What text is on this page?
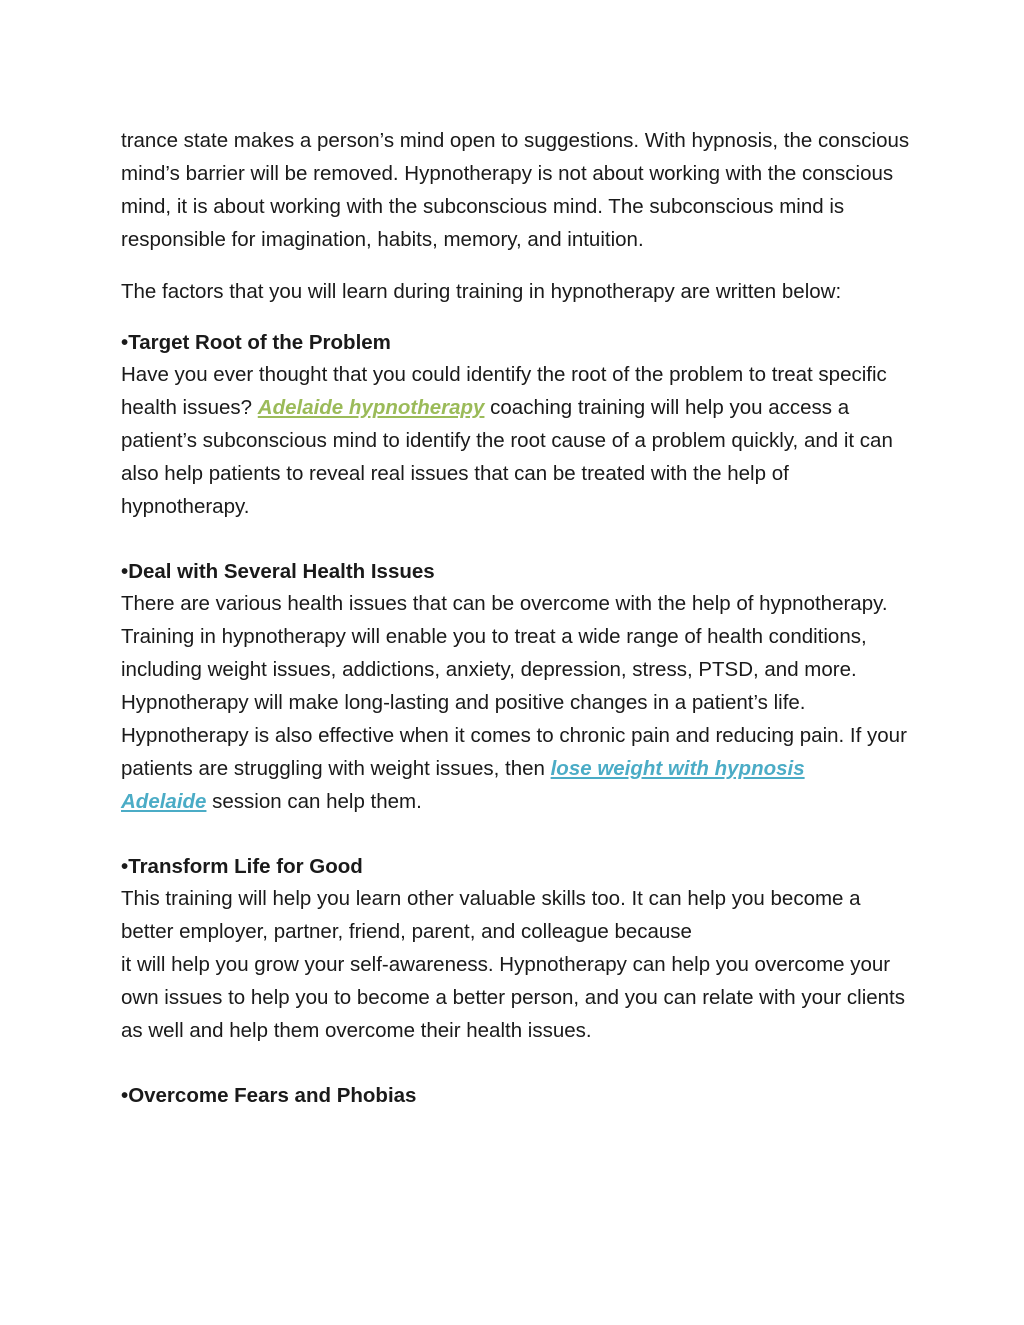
trance state makes a person’s mind open to suggestions. With hypnosis, the conscious mind’s barrier will be removed. Hypnotherapy is not about working with the conscious mind, it is about working with the subconscious mind. The subconscious mind is responsible for imagination, habits, memory, and intuition.

The factors that you will learn during training in hypnotherapy are written below:

•Target Root of the Problem

Have you ever thought that you could identify the root of the problem to treat specific health issues? Adelaide hypnotherapy coaching training will help you access a patient’s subconscious mind to identify the root cause of a problem quickly, and it can also help patients to reveal real issues that can be treated with the help of hypnotherapy.

•Deal with Several Health Issues

There are various health issues that can be overcome with the help of hypnotherapy. Training in hypnotherapy will enable you to treat a wide range of health conditions, including weight issues, addictions, anxiety, depression, stress, PTSD, and more. Hypnotherapy will make long-lasting and positive changes in a patient’s life. Hypnotherapy is also effective when it comes to chronic pain and reducing pain. If your patients are struggling with weight issues, then lose weight with hypnosis
Adelaide session can help them.

•Transform Life for Good

This training will help you learn other valuable skills too. It can help you become a better employer, partner, friend, parent, and colleague because
it will help you grow your self-awareness. Hypnotherapy can help you overcome your own issues to help you to become a better person, and you can relate with your clients as well and help them overcome their health issues.

•Overcome Fears and Phobias
